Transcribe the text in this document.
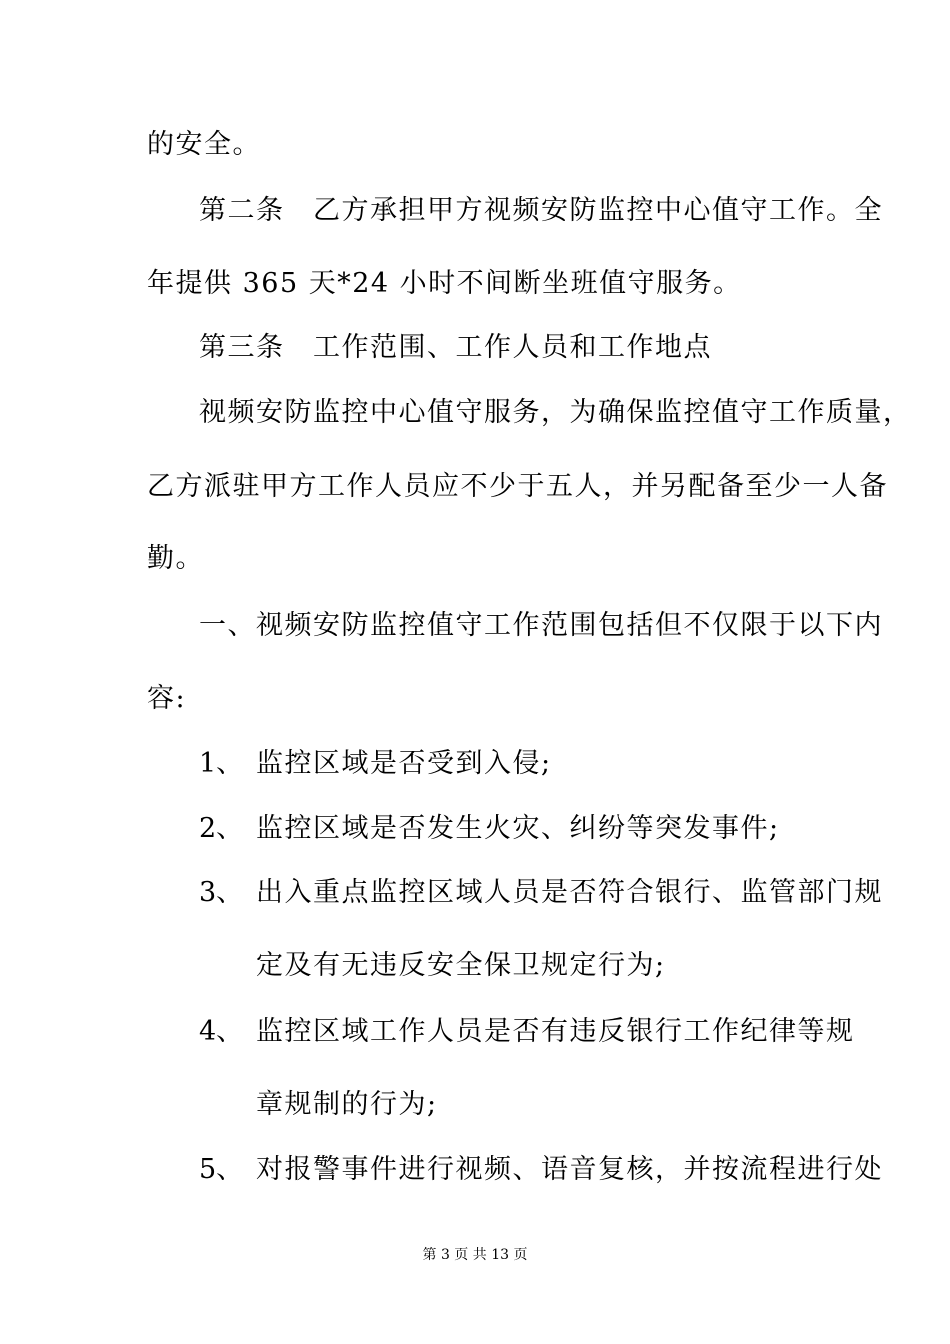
的安全。
第二条　乙方承担甲方视频安防监控中心值守工作。全
年提供 365 天*24 小时不间断坐班值守服务。
第三条　工作范围、工作人员和工作地点
视频安防监控中心值守服务，为确保监控值守工作质量，
乙方派驻甲方工作人员应不少于五人，并另配备至少一人备
勤。
一、视频安防监控值守工作范围包括但不仅限于以下内
容:
1、 监控区域是否受到入侵;
2、 监控区域是否发生火灾、纠纷等突发事件;
3、 出入重点监控区域人员是否符合银行、监管部门规
定及有无违反安全保卫规定行为;
4、 监控区域工作人员是否有违反银行工作纪律等规
章规制的行为;
5、 对报警事件进行视频、语音复核，并按流程进行处
第 3 页 共 13 页
